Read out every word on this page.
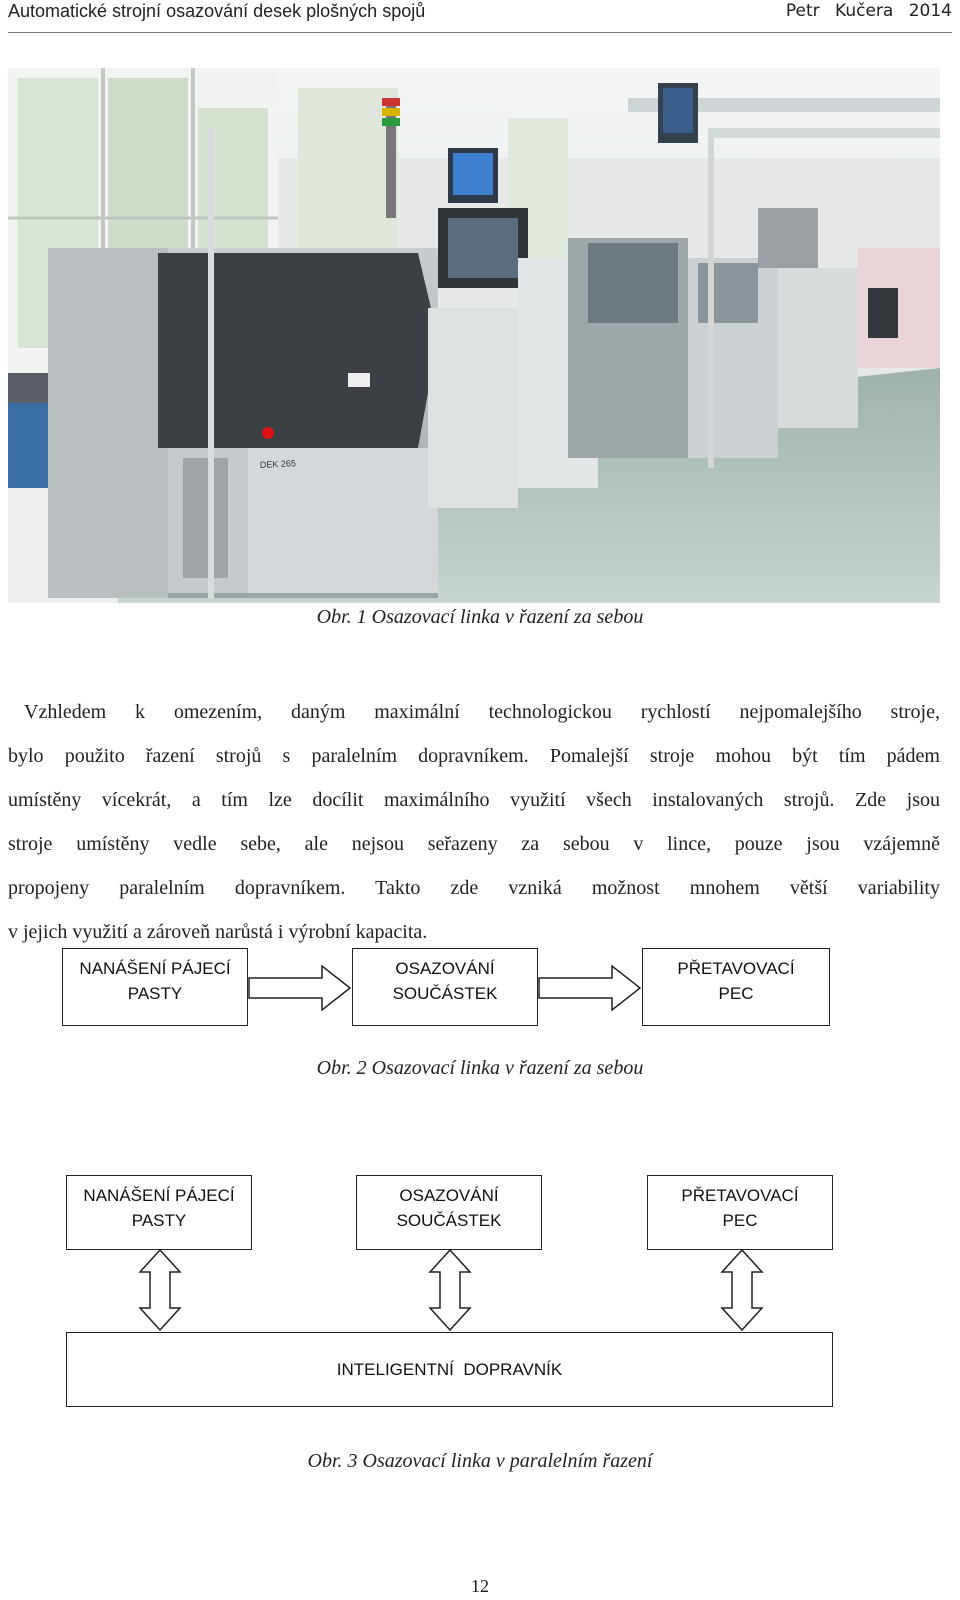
Automatické strojní osazování desek plošných spojů	Petr Kučera 2014
DEK 265
Obr. 1 Osazovací linka v řazení za sebou
Vzhledem k omezením, daným maximální technologickou rychlostí nejpomalejšího stroje,
bylo použito řazení strojů s paralelním dopravníkem. Pomalejší stroje mohou být tím pádem
umístěny vícekrát, a tím lze docílit maximálního využití všech instalovaných strojů. Zde jsou
stroje umístěny vedle sebe, ale nejsou seřazeny za sebou v lince, pouze jsou vzájemně
propojeny paralelním dopravníkem. Takto zde vzniká možnost mnohem větší variability
v jejich využití a zároveň narůstá i výrobní kapacita.
NANÁŠENÍ PÁJECÍ
PASTY
OSAZOVÁNÍ
SOUČÁSTEK
PŘETAVOVACÍ
PEC
Obr. 2 Osazovací linka v řazení za sebou
NANÁŠENÍ PÁJECÍ
PASTY
OSAZOVÁNÍ
SOUČÁSTEK
PŘETAVOVACÍ
PEC
INTELIGENTNÍ  DOPRAVNÍK
Obr. 3 Osazovací linka v paralelním řazení
12
